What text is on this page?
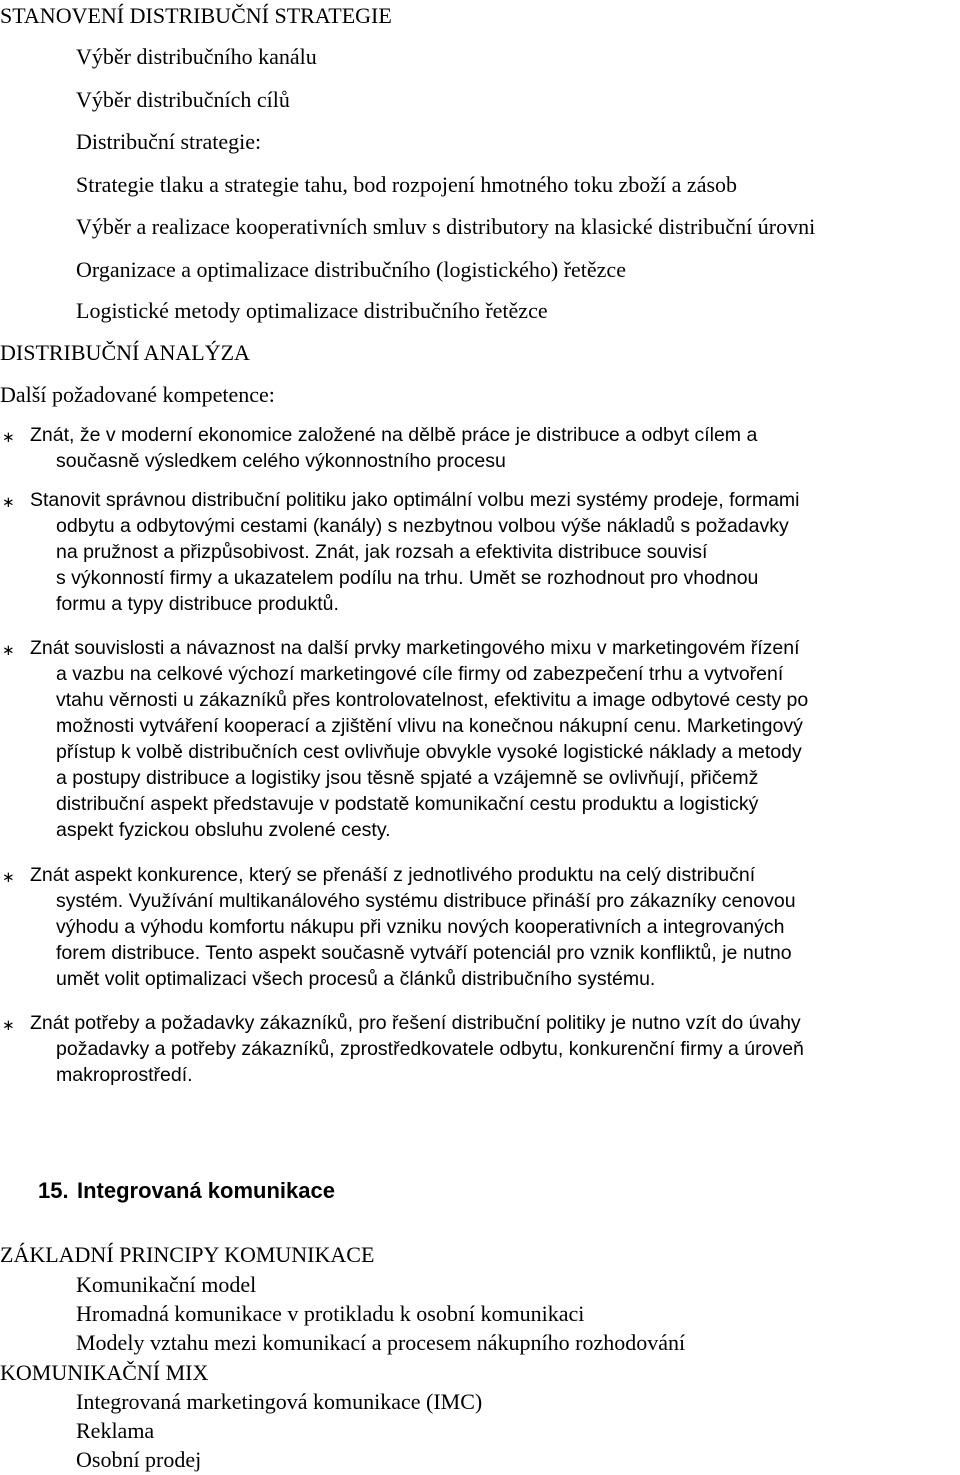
STANOVENÍ DISTRIBUČNÍ STRATEGIE
Výběr distribučního kanálu
Výběr distribučních cílů
Distribuční strategie:
Strategie tlaku a strategie tahu, bod rozpojení hmotného toku zboží a zásob
Výběr a realizace kooperativních smluv s distributory na klasické distribuční úrovni
Organizace a optimalizace distribučního (logistického) řetězce
Logistické metody optimalizace distribučního řetězce
DISTRIBUČNÍ ANALÝZA
Další požadované kompetence:
∗ Znát, že v moderní ekonomice založené na dělbě práce je distribuce a odbyt cílem a
současně výsledkem celého výkonnostního procesu
∗ Stanovit správnou distribuční politiku jako optimální volbu mezi systémy prodeje, formami
odbytu a odbytovými cestami (kanály) s nezbytnou volbou výše nákladů s požadavky
na pružnost a přizpůsobivost. Znát, jak rozsah a efektivita distribuce souvisí
s výkonností firmy a ukazatelem podílu na trhu. Umět se rozhodnout pro vhodnou
formu a typy distribuce produktů.
∗ Znát souvislosti a návaznost na další prvky marketingového mixu v marketingovém řízení
a vazbu na celkové výchozí marketingové cíle firmy od zabezpečení trhu a vytvoření
vtahu věrnosti u zákazníků přes kontrolovatelnost, efektivitu a image odbytové cesty po
možnosti vytváření kooperací a zjištění vlivu na konečnou nákupní cenu. Marketingový
přístup k volbě distribučních cest ovlivňuje obvykle vysoké logistické náklady a metody
a postupy distribuce a logistiky jsou těsně spjaté a vzájemně se ovlivňují, přičemž
distribuční aspekt představuje v podstatě komunikační cestu produktu a logistický
aspekt fyzickou obsluhu zvolené cesty.
∗ Znát aspekt konkurence, který se přenáší z jednotlivého produktu na celý distribuční
systém. Využívání multikanálového systému distribuce přináší pro zákazníky cenovou
výhodu a výhodu komfortu nákupu při vzniku nových kooperativních a integrovaných
forem distribuce. Tento aspekt současně vytváří potenciál pro vznik konfliktů, je nutno
umět volit optimalizaci všech procesů a článků distribučního systému.
∗ Znát potřeby a požadavky zákazníků, pro řešení distribuční politiky je nutno vzít do úvahy
požadavky a potřeby zákazníků, zprostředkovatele odbytu, konkurenční firmy a úroveň
makroprostředí.
15. Integrovaná komunikace
ZÁKLADNÍ PRINCIPY KOMUNIKACE
Komunikační model
Hromadná komunikace v protikladu k osobní komunikaci
Modely vztahu mezi komunikací a procesem nákupního rozhodování
KOMUNIKAČNÍ MIX
Integrovaná marketingová komunikace (IMC)
Reklama
Osobní prodej
